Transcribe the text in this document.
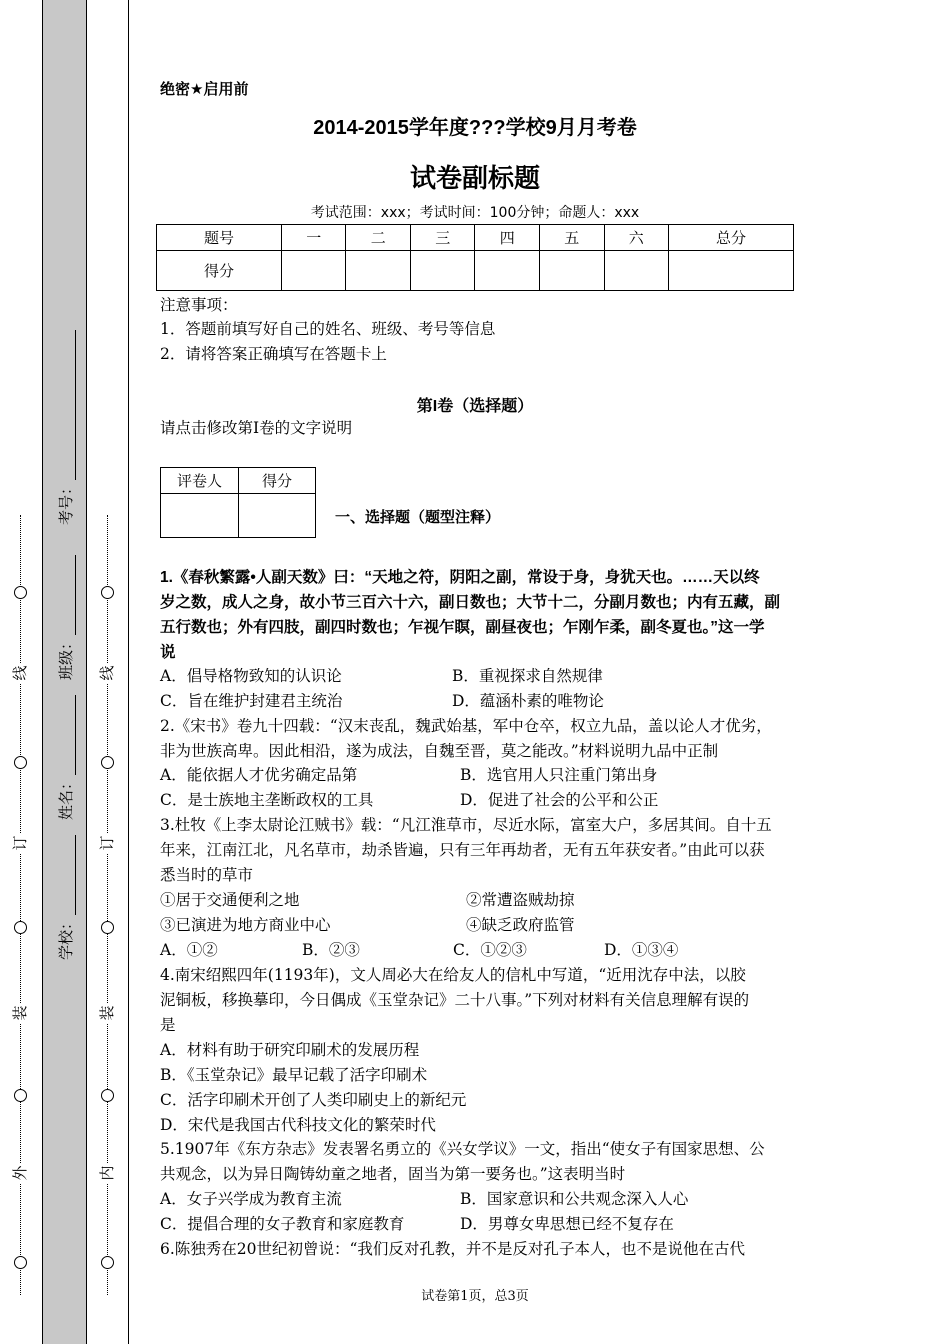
外
装
订
线
内
装
订
线
学校：
姓名：
班级：
考号：
绝密★启用前
2014-2015学年度???学校9月月考卷
试卷副标题
考试范围：xxx；考试时间：100分钟；命题人：xxx
题号	一	二	三	四	五	六	总分
得分							
注意事项：
1．答题前填写好自己的姓名、班级、考号等信息
2．请将答案正确填写在答题卡上
第I卷（选择题）
请点击修改第I卷的文字说明
评卷人	得分

一、选择题（题型注释）
1.《春秋繁露•人副天数》曰：“天地之符，阴阳之副，常设于身，身犹天也。……天以终
岁之数，成人之身，故小节三百六十六，副日数也；大节十二，分副月数也；内有五藏，副
五行数也；外有四肢，副四时数也；乍视乍瞑，副昼夜也；乍刚乍柔，副冬夏也。”这一学
说
A．倡导格物致知的认识论	B．重视探求自然规律
C．旨在维护封建君主统治	D．蕴涵朴素的唯物论
2.《宋书》卷九十四载：“汉末丧乱，魏武始基，军中仓卒，权立九品，盖以论人才优劣，
非为世族高卑。因此相沿，遂为成法，自魏至晋，莫之能改。”材料说明九品中正制
A．能依据人才优劣确定品第	B．选官用人只注重门第出身
C．是士族地主垄断政权的工具	D．促进了社会的公平和公正
3.杜牧《上李太尉论江贼书》载：“凡江淮草市，尽近水际，富室大户，多居其间。自十五
年来，江南江北，凡名草市，劫杀皆遍，只有三年再劫者，无有五年获安者。”由此可以获
悉当时的草市
①居于交通便利之地	②常遭盗贼劫掠
③已演进为地方商业中心	④缺乏政府监管
A．①②	B．②③	C．①②③	D．①③④
4.南宋绍熙四年(1193年)，文人周必大在给友人的信札中写道，“近用沈存中法，以胶
泥铜板，移换摹印，今日偶成《玉堂杂记》二十八事。”下列对材料有关信息理解有误的
是
A．材料有助于研究印刷术的发展历程
B．《玉堂杂记》最早记载了活字印刷术
C．活字印刷术开创了人类印刷史上的新纪元
D．宋代是我国古代科技文化的繁荣时代
5.1907年《东方杂志》发表署名勇立的《兴女学议》一文，指出“使女子有国家思想、公
共观念，以为异日陶铸幼童之地者，固当为第一要务也。”这表明当时
A．女子兴学成为教育主流	B．国家意识和公共观念深入人心
C．提倡合理的女子教育和家庭教育	D．男尊女卑思想已经不复存在
6.陈独秀在20世纪初曾说：“我们反对孔教，并不是反对孔子本人，也不是说他在古代
试卷第1页，总3页
